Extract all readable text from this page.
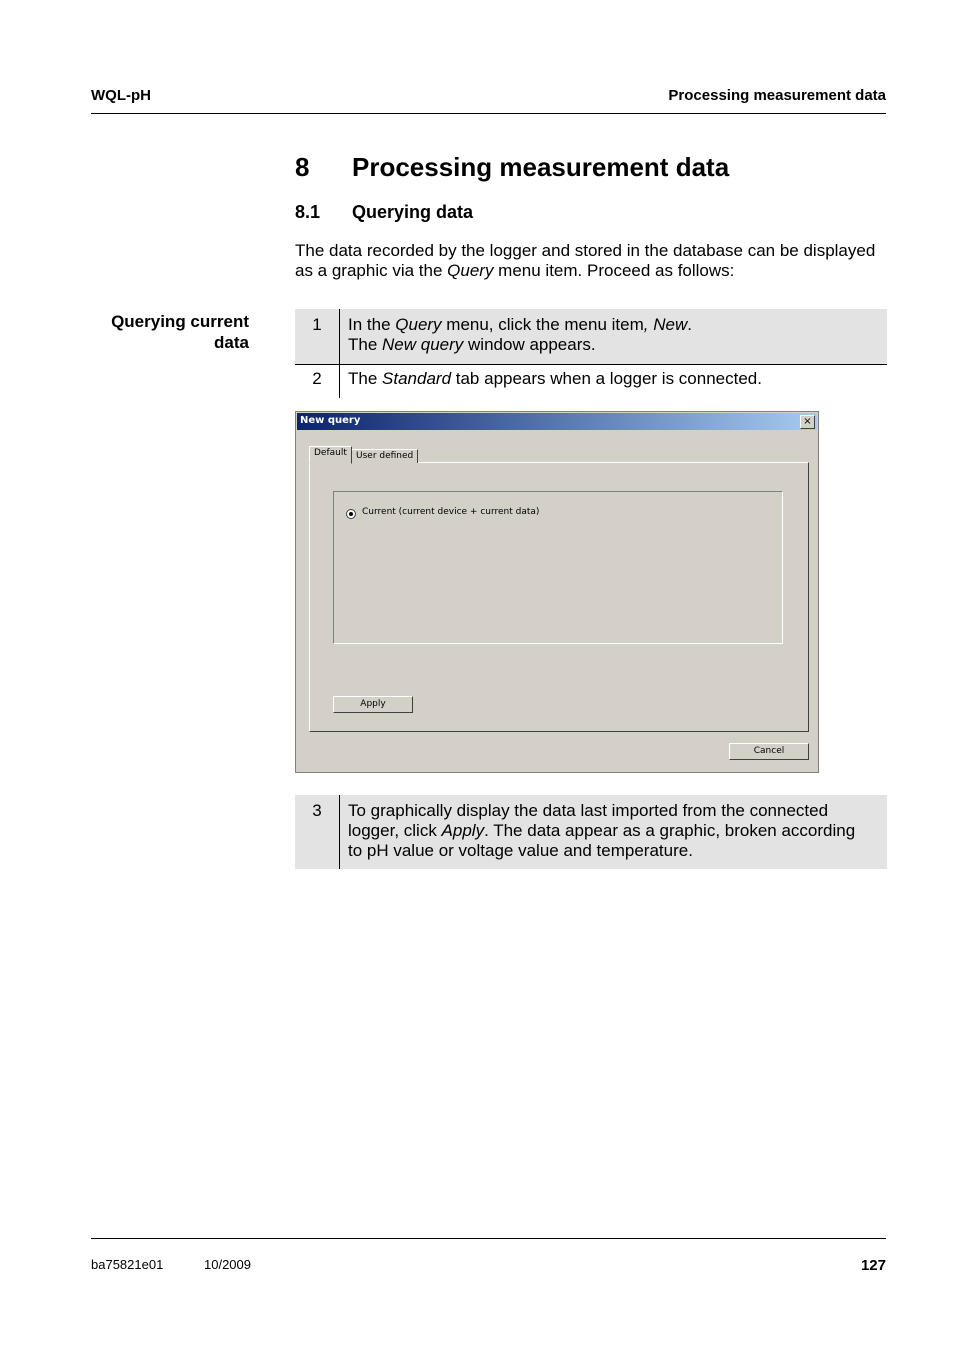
WQL-pH	Processing measurement data
8 Processing measurement data
8.1 Querying data
The data recorded by the logger and stored in the database can be displayed as a graphic via the Query menu item. Proceed as follows:
Querying current
data
1	In the Query menu, click the menu item, New.
The New query window appears.
2	The Standard tab appears when a logger is connected.
New query	×
Current (current device + current data)
Apply
Default	User defined
Cancel
3	To graphically display the data last imported from the connected
logger, click Apply. The data appear as a graphic, broken according
to pH value or voltage value and temperature.
ba75821e01	10/2009	127
